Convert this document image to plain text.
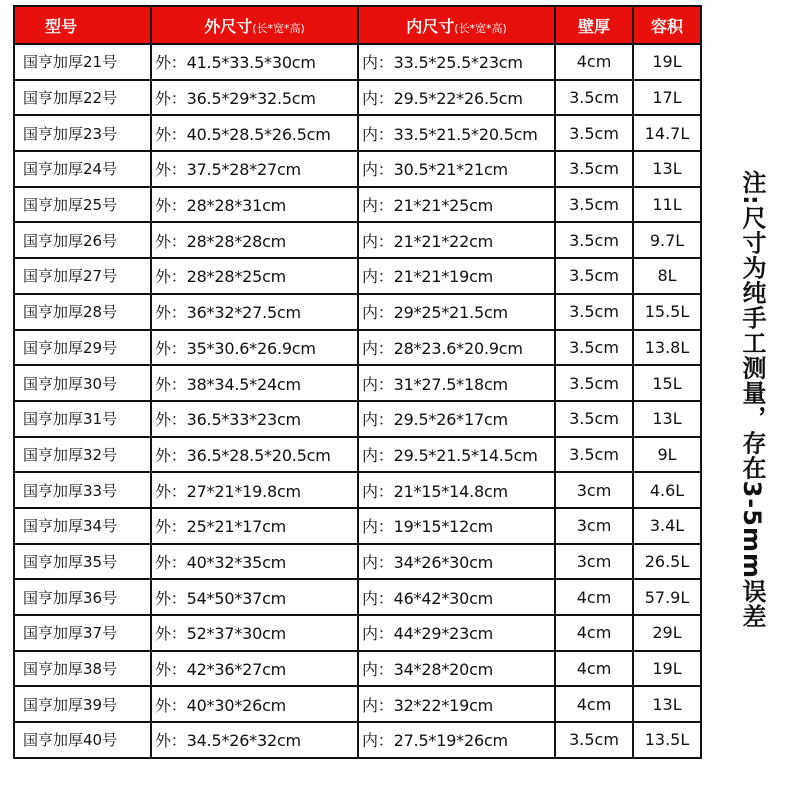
型号	外尺寸(长*宽*高)	内尺寸(长*宽*高)	壁厚	容积
国亨加厚21号	外：41.5*33.5*30cm	内：33.5*25.5*23cm	4cm	19L
国亨加厚22号	外：36.5*29*32.5cm	内：29.5*22*26.5cm	3.5cm	17L
国亨加厚23号	外：40.5*28.5*26.5cm	内：33.5*21.5*20.5cm	3.5cm	14.7L
国亨加厚24号	外：37.5*28*27cm	内：30.5*21*21cm	3.5cm	13L
国亨加厚25号	外：28*28*31cm	内：21*21*25cm	3.5cm	11L
国亨加厚26号	外：28*28*28cm	内：21*21*22cm	3.5cm	9.7L
国亨加厚27号	外：28*28*25cm	内：21*21*19cm	3.5cm	8L
国亨加厚28号	外：36*32*27.5cm	内：29*25*21.5cm	3.5cm	15.5L
国亨加厚29号	外：35*30.6*26.9cm	内：28*23.6*20.9cm	3.5cm	13.8L
国亨加厚30号	外：38*34.5*24cm	内：31*27.5*18cm	3.5cm	15L
国亨加厚31号	外：36.5*33*23cm	内：29.5*26*17cm	3.5cm	13L
国亨加厚32号	外：36.5*28.5*20.5cm	内：29.5*21.5*14.5cm	3.5cm	9L
国亨加厚33号	外：27*21*19.8cm	内：21*15*14.8cm	3cm	4.6L
国亨加厚34号	外：25*21*17cm	内：19*15*12cm	3cm	3.4L
国亨加厚35号	外：40*32*35cm	内：34*26*30cm	3cm	26.5L
国亨加厚36号	外：54*50*37cm	内：46*42*30cm	4cm	57.9L
国亨加厚37号	外：52*37*30cm	内：44*29*23cm	4cm	29L
国亨加厚38号	外：42*36*27cm	内：34*28*20cm	4cm	19L
国亨加厚39号	外：40*30*26cm	内：32*22*19cm	4cm	13L
国亨加厚40号	外：34.5*26*32cm	内：27.5*19*26cm	3.5cm	13.5L
注:尺寸为纯手工测量，存在3-5mm误差
